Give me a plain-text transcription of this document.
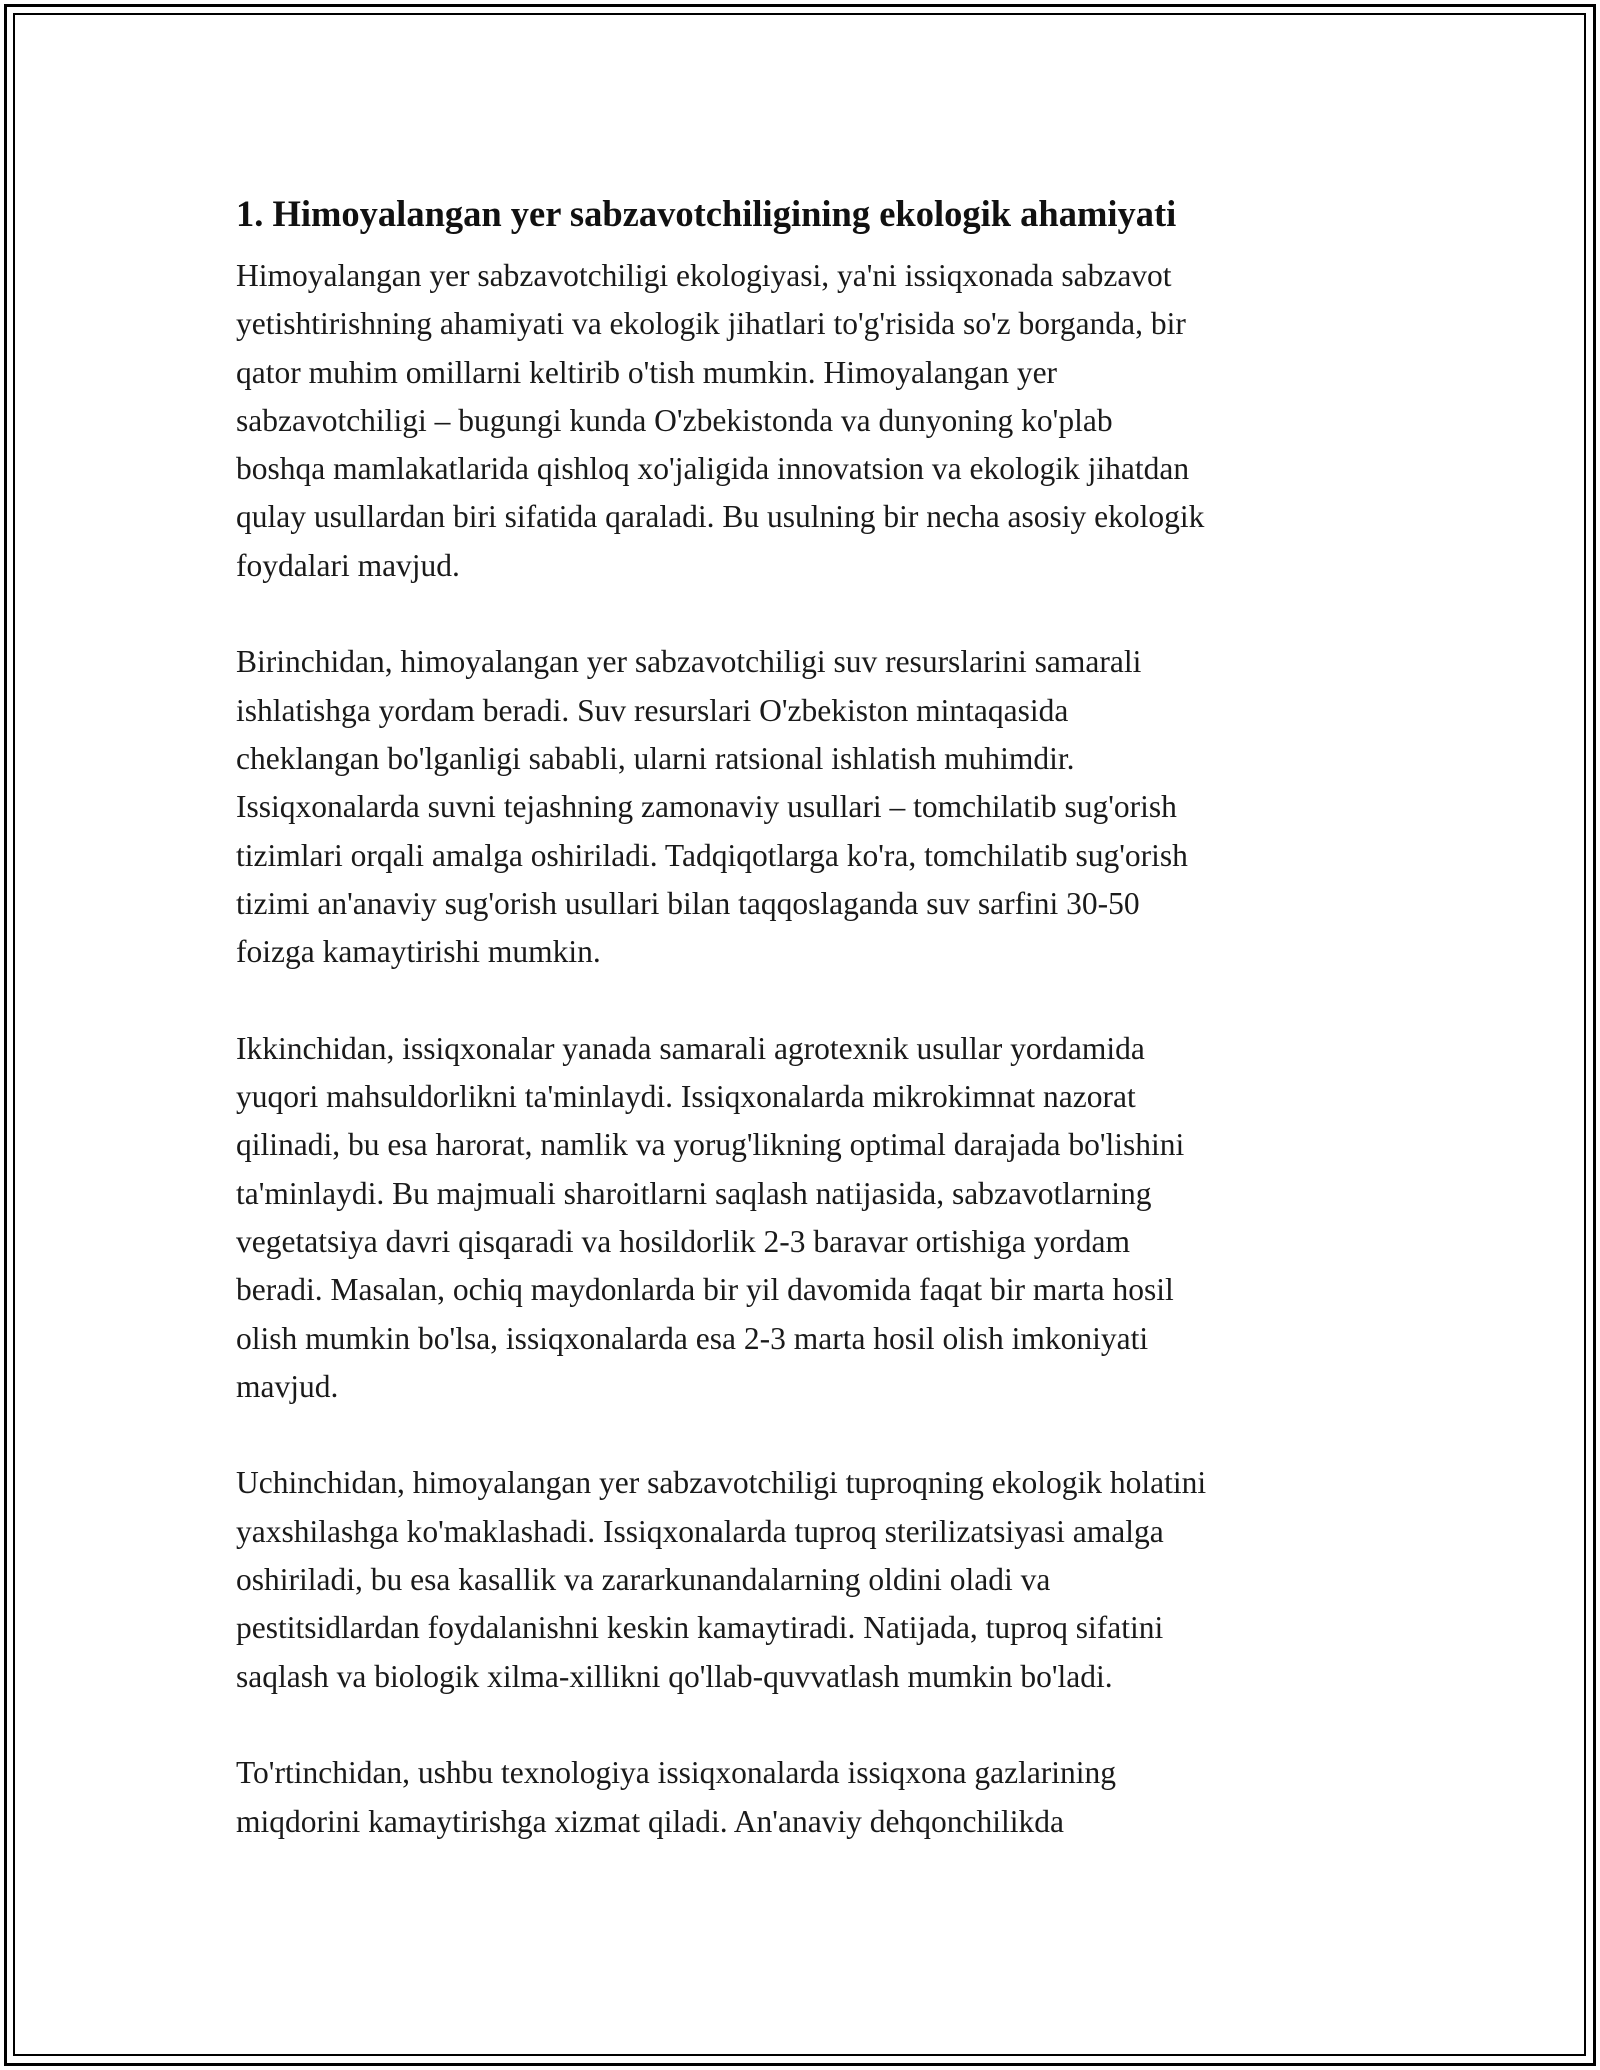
1. Himoyalangan yer sabzavotchiligining ekologik ahamiyati

Himoyalangan yer sabzavotchiligi ekologiyasi, ya'ni issiqxonada sabzavot
yetishtirishning ahamiyati va ekologik jihatlari to'g'risida so'z borganda, bir
qator muhim omillarni keltirib o'tish mumkin. Himoyalangan yer
sabzavotchiligi – bugungi kunda O'zbekistonda va dunyoning ko'plab
boshqa mamlakatlarida qishloq xo'jaligida innovatsion va ekologik jihatdan
qulay usullardan biri sifatida qaraladi. Bu usulning bir necha asosiy ekologik
foydalari mavjud.

Birinchidan, himoyalangan yer sabzavotchiligi suv resurslarini samarali
ishlatishga yordam beradi. Suv resurslari O'zbekiston mintaqasida
cheklangan bo'lganligi sababli, ularni ratsional ishlatish muhimdir.
Issiqxonalarda suvni tejashning zamonaviy usullari – tomchilatib sug'orish
tizimlari orqali amalga oshiriladi. Tadqiqotlarga ko'ra, tomchilatib sug'orish
tizimi an'anaviy sug'orish usullari bilan taqqoslaganda suv sarfini 30-50
foizga kamaytirishi mumkin.

Ikkinchidan, issiqxonalar yanada samarali agrotexnik usullar yordamida
yuqori mahsuldorlikni ta'minlaydi. Issiqxonalarda mikrokimnat nazorat
qilinadi, bu esa harorat, namlik va yorug'likning optimal darajada bo'lishini
ta'minlaydi. Bu majmuali sharoitlarni saqlash natijasida, sabzavotlarning
vegetatsiya davri qisqaradi va hosildorlik 2-3 baravar ortishiga yordam
beradi. Masalan, ochiq maydonlarda bir yil davomida faqat bir marta hosil
olish mumkin bo'lsa, issiqxonalarda esa 2-3 marta hosil olish imkoniyati
mavjud.

Uchinchidan, himoyalangan yer sabzavotchiligi tuproqning ekologik holatini
yaxshilashga ko'maklashadi. Issiqxonalarda tuproq sterilizatsiyasi amalga
oshiriladi, bu esa kasallik va zararkunandalarning oldini oladi va
pestitsidlardan foydalanishni keskin kamaytiradi. Natijada, tuproq sifatini
saqlash va biologik xilma-xillikni qo'llab-quvvatlash mumkin bo'ladi.

To'rtinchidan, ushbu texnologiya issiqxonalarda issiqxona gazlarining
miqdorini kamaytirishga xizmat qiladi. An'anaviy dehqonchilikda
